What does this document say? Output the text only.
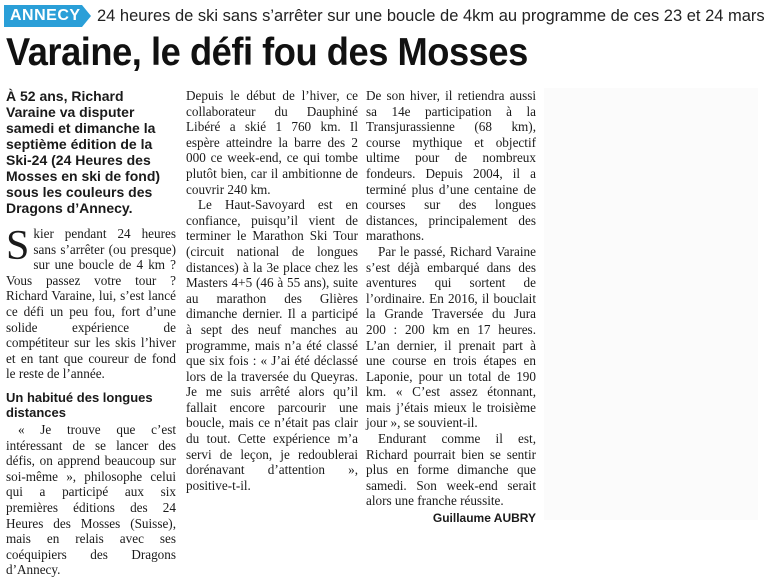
ANNECY 24 heures de ski sans s’arrêter sur une boucle de 4km au programme de ces 23 et 24 mars
Varaine, le défi fou des Mosses

À 52 ans, Richard Varaine va disputer samedi et dimanche la septième édition de la Ski-24 (24 Heures des Mosses en ski de fond) sous les couleurs des Dragons d’Annecy.

S kier pendant 24 heures sans s’arrêter (ou presque) sur une boucle de 4 km ? Vous passez votre tour ? Richard Varaine, lui, s’est lancé ce défi un peu fou, fort d’une solide expérience de compétiteur sur les skis l’hiver et en tant que coureur de fond le reste de l’année.

Un habitué des longues distances

« Je trouve que c’est intéressant de se lancer des défis, on apprend beaucoup sur soi-même », philosophe celui qui a participé aux six premières éditions des 24 Heures des Mosses (Suisse), mais en relais avec ses coéquipiers des Dragons d’Annecy.

Depuis le début de l’hiver, ce collaborateur du Dauphiné Libéré a skié 1 760 km. Il espère atteindre la barre des 2 000 ce week-end, ce qui tombe plutôt bien, car il ambitionne de couvrir 240 km.

Le Haut-Savoyard est en confiance, puisqu’il vient de terminer le Marathon Ski Tour (circuit national de longues distances) à la 3e place chez les Masters 4+5 (46 à 55 ans), suite au marathon des Glières dimanche dernier. Il a participé à sept des neuf manches au programme, mais n’a été classé que six fois : « J’ai été déclassé lors de la traversée du Queyras. Je me suis arrêté alors qu’il fallait encore parcourir une boucle, mais ce n’était pas clair du tout. Cette expérience m’a servi de leçon, je redoublerai dorénavant d’attention », positive-t-il.

De son hiver, il retiendra aussi sa 14e participation à la Transjurassienne (68 km), course mythique et objectif ultime pour de nombreux fondeurs. Depuis 2004, il a terminé plus d’une centaine de courses sur des longues distances, principalement des marathons.

Par le passé, Richard Varaine s’est déjà embarqué dans des aventures qui sortent de l’ordinaire. En 2016, il bouclait la Grande Traversée du Jura 200 : 200 km en 17 heures. L’an dernier, il prenait part à une course en trois étapes en Laponie, pour un total de 190 km. « C’est assez étonnant, mais j’étais mieux le troisième jour », se souvient-il.

Endurant comme il est, Richard pourrait bien se sentir plus en forme dimanche que samedi. Son week-end serait alors une franche réussite.

Guillaume AUBRY
